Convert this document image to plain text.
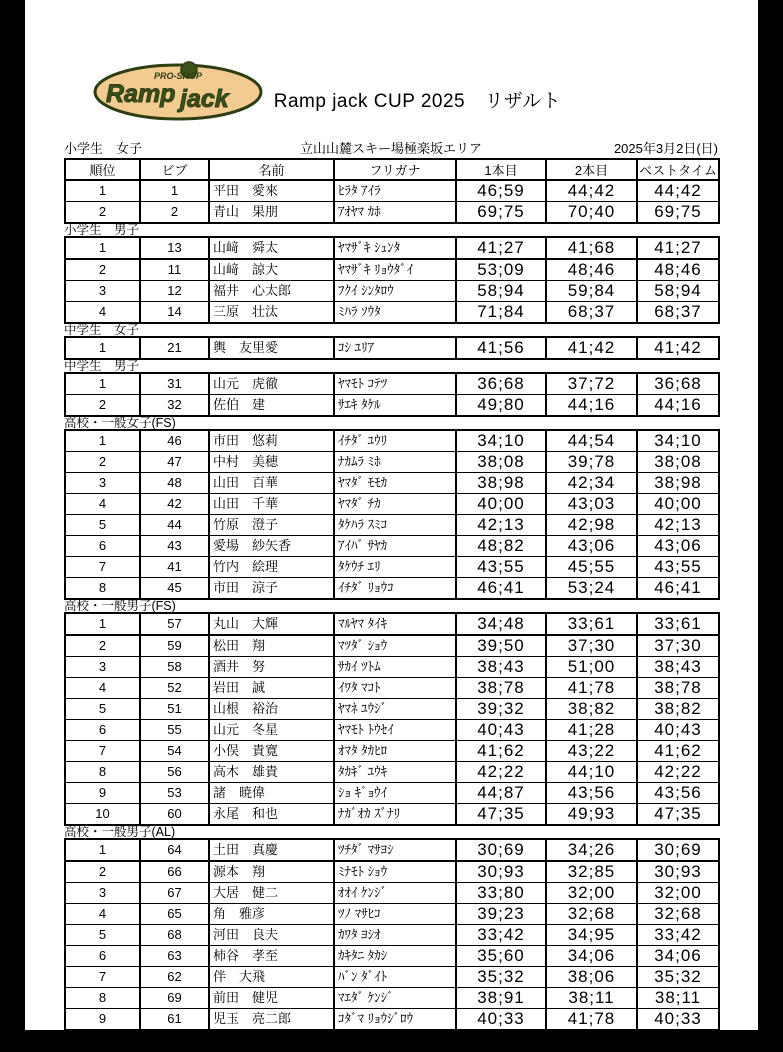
PRO-SHOP
Ramp jack	Ramp jack CUP 2025　リザルト
小学生　女子	立山山麓スキー場極楽坂エリア	2025年3月2日(日)
順位	ビブ	名前	フリガナ	1本目	2本目	ベストタイム
1	1	平田　愛來	ﾋﾗﾀ ｱｲﾗ	46;59	44;42	44;42
2	2	青山　果朋	ｱｵﾔﾏ ｶﾎ	69;75	70;40	69;75
小学生　男子
1	13	山﨑　舜太	ﾔﾏｻﾞｷ ｼｭﾝﾀ	41;27	41;68	41;27
2	11	山﨑　諒大	ﾔﾏｻﾞｷ ﾘｮｳﾀﾞｲ	53;09	48;46	48;46
3	12	福井　心太郎	ﾌｸｲ ｼﾝﾀﾛｳ	58;94	59;84	58;94
4	14	三原　壮汰	ﾐﾊﾗ ｿｳﾀ	71;84	68;37	68;37
中学生　女子
1	21	輿　友里愛	ｺｼ ﾕﾘｱ	41;56	41;42	41;42
中学生　男子
1	31	山元　虎徹	ﾔﾏﾓﾄ ｺﾃﾂ	36;68	37;72	36;68
2	32	佐伯　建	ｻｴｷ ﾀｹﾙ	49;80	44;16	44;16
高校・一般女子(FS)
1	46	市田　悠莉	ｲﾁﾀﾞ ﾕｳﾘ	34;10	44;54	34;10
2	47	中村　美穂	ﾅｶﾑﾗ ﾐﾎ	38;08	39;78	38;08
3	48	山田　百華	ﾔﾏﾀﾞ ﾓﾓｶ	38;98	42;34	38;98
4	42	山田　千華	ﾔﾏﾀﾞ ﾁｶ	40;00	43;03	40;00
5	44	竹原　澄子	ﾀｹﾊﾗ ｽﾐｺ	42;13	42;98	42;13
6	43	愛場　紗矢香	ｱｲﾊﾞ ｻﾔｶ	48;82	43;06	43;06
7	41	竹内　絵理	ﾀｹｳﾁ ｴﾘ	43;55	45;55	43;55
8	45	市田　涼子	ｲﾁﾀﾞ ﾘｮｳｺ	46;41	53;24	46;41
高校・一般男子(FS)
1	57	丸山　大輝	ﾏﾙﾔﾏ ﾀｲｷ	34;48	33;61	33;61
2	59	松田　翔	ﾏﾂﾀﾞ ｼｮｳ	39;50	37;30	37;30
3	58	酒井　努	ｻｶｲ ﾂﾄﾑ	38;43	51;00	38;43
4	52	岩田　誠	ｲﾜﾀ ﾏｺﾄ	38;78	41;78	38;78
5	51	山根　裕治	ﾔﾏﾈ ﾕｳｼﾞ	39;32	38;82	38;82
6	55	山元　冬星	ﾔﾏﾓﾄ ﾄｳｾｲ	40;43	41;28	40;43
7	54	小俣　貴寛	ｵﾏﾀ ﾀｶﾋﾛ	41;62	43;22	41;62
8	56	高木　雄貴	ﾀｶｷﾞ ﾕｳｷ	42;22	44;10	42;22
9	53	諸　暁偉	ｼｮ ｷﾞｮｳｲ	44;87	43;56	43;56
10	60	永尾　和也	ﾅｶﾞｵｶ ｽﾞﾅﾘ	47;35	49;93	47;35
高校・一般男子(AL)
1	64	土田　真慶	ﾂﾁﾀﾞ ﾏｻﾖｼ	30;69	34;26	30;69
2	66	源本　翔	ﾐﾅﾓﾄ ｼｮｳ	30;93	32;85	30;93
3	67	大居　健二	ｵｵｲ ｹﾝｼﾞ	33;80	32;00	32;00
4	65	角　雅彦	ﾂﾉ ﾏｻﾋｺ	39;23	32;68	32;68
5	68	河田　良夫	ｶﾜﾀ ﾖｼｵ	33;42	34;95	33;42
6	63	柿谷　孝至	ｶｷﾀﾆ ﾀｶｼ	35;60	34;06	34;06
7	62	伴　大飛	ﾊﾞﾝ ﾀﾞｲﾄ	35;32	38;06	35;32
8	69	前田　健児	ﾏｴﾀﾞ ｹﾝｼﾞ	38;91	38;11	38;11
9	61	児玉　亮二郎	ｺﾀﾞﾏ ﾘｮｳｼﾞﾛｳ	40;33	41;78	40;33
10	70	大蔵　義昌	ｵｵｸﾗ ﾖｼﾏｻ	DNS	DNS	—
